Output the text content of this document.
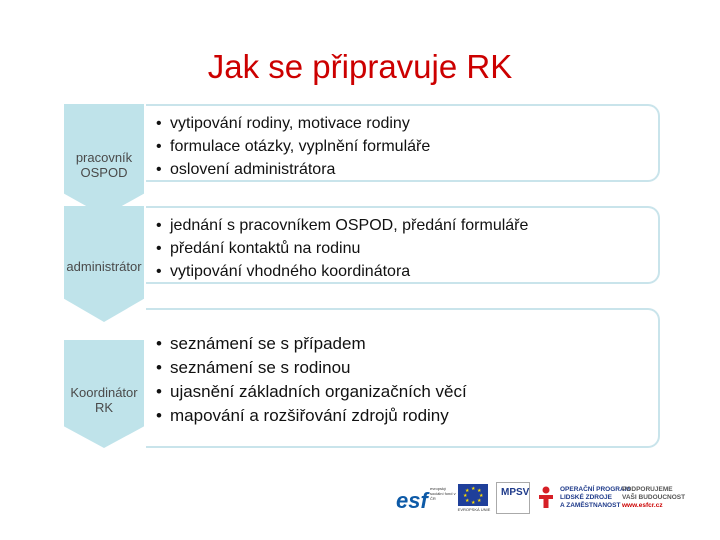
Jak se připravuje RK
pracovník
OSPOD
• vytipování rodiny, motivace rodiny
• formulace otázky, vyplnění formuláře
• oslovení administrátora
administrátor
• jednání s pracovníkem OSPOD, předání formuláře
• předání kontaktů na rodinu
• vytipování vhodného koordinátora
Koordinátor
RK
• seznámení se s případem
• seznámení se s rodinou
• ujasnění základních organizačních věcí
• mapování a rozšiřování zdrojů rodiny
esf evropský sociální fond v ČR
★ ★
★
★
★
★
★
★
EVROPSKÁ UNIE
MPSV	OPERAČNÍ PROGRAM
LIDSKÉ ZDROJE
A ZAMĚSTNANOST
PODPORUJEME
VAŠI BUDOUCNOST
www.esfcr.cz
